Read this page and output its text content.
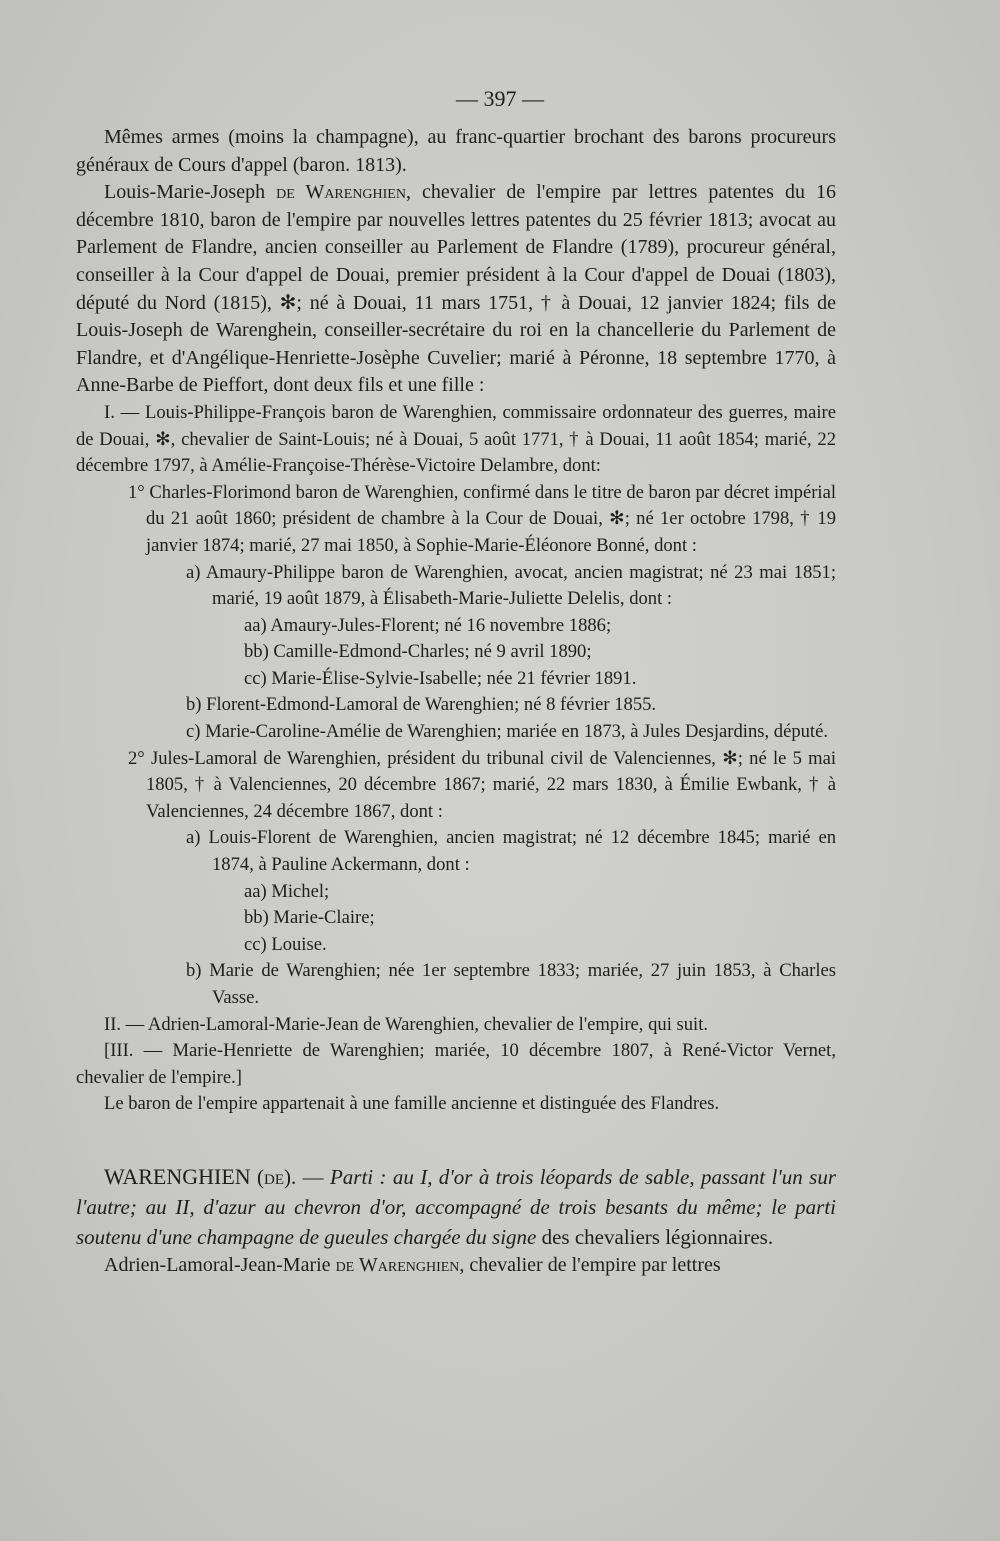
— 397 —

Mêmes armes (moins la champagne), au franc-quartier brochant des barons procureurs généraux de Cours d'appel (baron. 1813).

Louis-Marie-Joseph de Warenghien, chevalier de l'empire par lettres patentes du 16 décembre 1810, baron de l'empire par nouvelles lettres patentes du 25 février 1813; avocat au Parlement de Flandre, ancien conseiller au Parlement de Flandre (1789), procureur général, conseiller à la Cour d'appel de Douai, premier président à la Cour d'appel de Douai (1803), député du Nord (1815), ✻; né à Douai, 11 mars 1751, † à Douai, 12 janvier 1824; fils de Louis-Joseph de Warenghein, conseiller-secrétaire du roi en la chancellerie du Parlement de Flandre, et d'Angélique-Henriette-Josèphe Cuvelier; marié à Péronne, 18 septembre 1770, à Anne-Barbe de Pieffort, dont deux fils et une fille :

I. — Louis-Philippe-François baron de Warenghien, commissaire ordonnateur des guerres, maire de Douai, ✻, chevalier de Saint-Louis; né à Douai, 5 août 1771, † à Douai, 11 août 1854; marié, 22 décembre 1797, à Amélie-Françoise-Thérèse-Victoire Delambre, dont:

1° Charles-Florimond baron de Warenghien, confirmé dans le titre de baron par décret impérial du 21 août 1860; président de chambre à la Cour de Douai, ✻; né 1er octobre 1798, † 19 janvier 1874; marié, 27 mai 1850, à Sophie-Marie-Éléonore Bonné, dont :

a) Amaury-Philippe baron de Warenghien, avocat, ancien magistrat; né 23 mai 1851; marié, 19 août 1879, à Élisabeth-Marie-Juliette Delelis, dont :

aa) Amaury-Jules-Florent; né 16 novembre 1886;

bb) Camille-Edmond-Charles; né 9 avril 1890;

cc) Marie-Élise-Sylvie-Isabelle; née 21 février 1891.

b) Florent-Edmond-Lamoral de Warenghien; né 8 février 1855.

c) Marie-Caroline-Amélie de Warenghien; mariée en 1873, à Jules Desjardins, député.

2° Jules-Lamoral de Warenghien, président du tribunal civil de Valenciennes, ✻; né le 5 mai 1805, † à Valenciennes, 20 décembre 1867; marié, 22 mars 1830, à Émilie Ewbank, † à Valenciennes, 24 décembre 1867, dont :

a) Louis-Florent de Warenghien, ancien magistrat; né 12 décembre 1845; marié en 1874, à Pauline Ackermann, dont :

aa) Michel;

bb) Marie-Claire;

cc) Louise.

b) Marie de Warenghien; née 1er septembre 1833; mariée, 27 juin 1853, à Charles Vasse.

II. — Adrien-Lamoral-Marie-Jean de Warenghien, chevalier de l'empire, qui suit.

[III. — Marie-Henriette de Warenghien; mariée, 10 décembre 1807, à René-Victor Vernet, chevalier de l'empire.]

Le baron de l'empire appartenait à une famille ancienne et distinguée des Flandres.

WARENGHIEN (de). — Parti : au I, d'or à trois léopards de sable, passant l'un sur l'autre; au II, d'azur au chevron d'or, accompagné de trois besants du même; le parti soutenu d'une champagne de gueules chargée du signe des chevaliers légionnaires.

Adrien-Lamoral-Jean-Marie de Warenghien, chevalier de l'empire par lettres
